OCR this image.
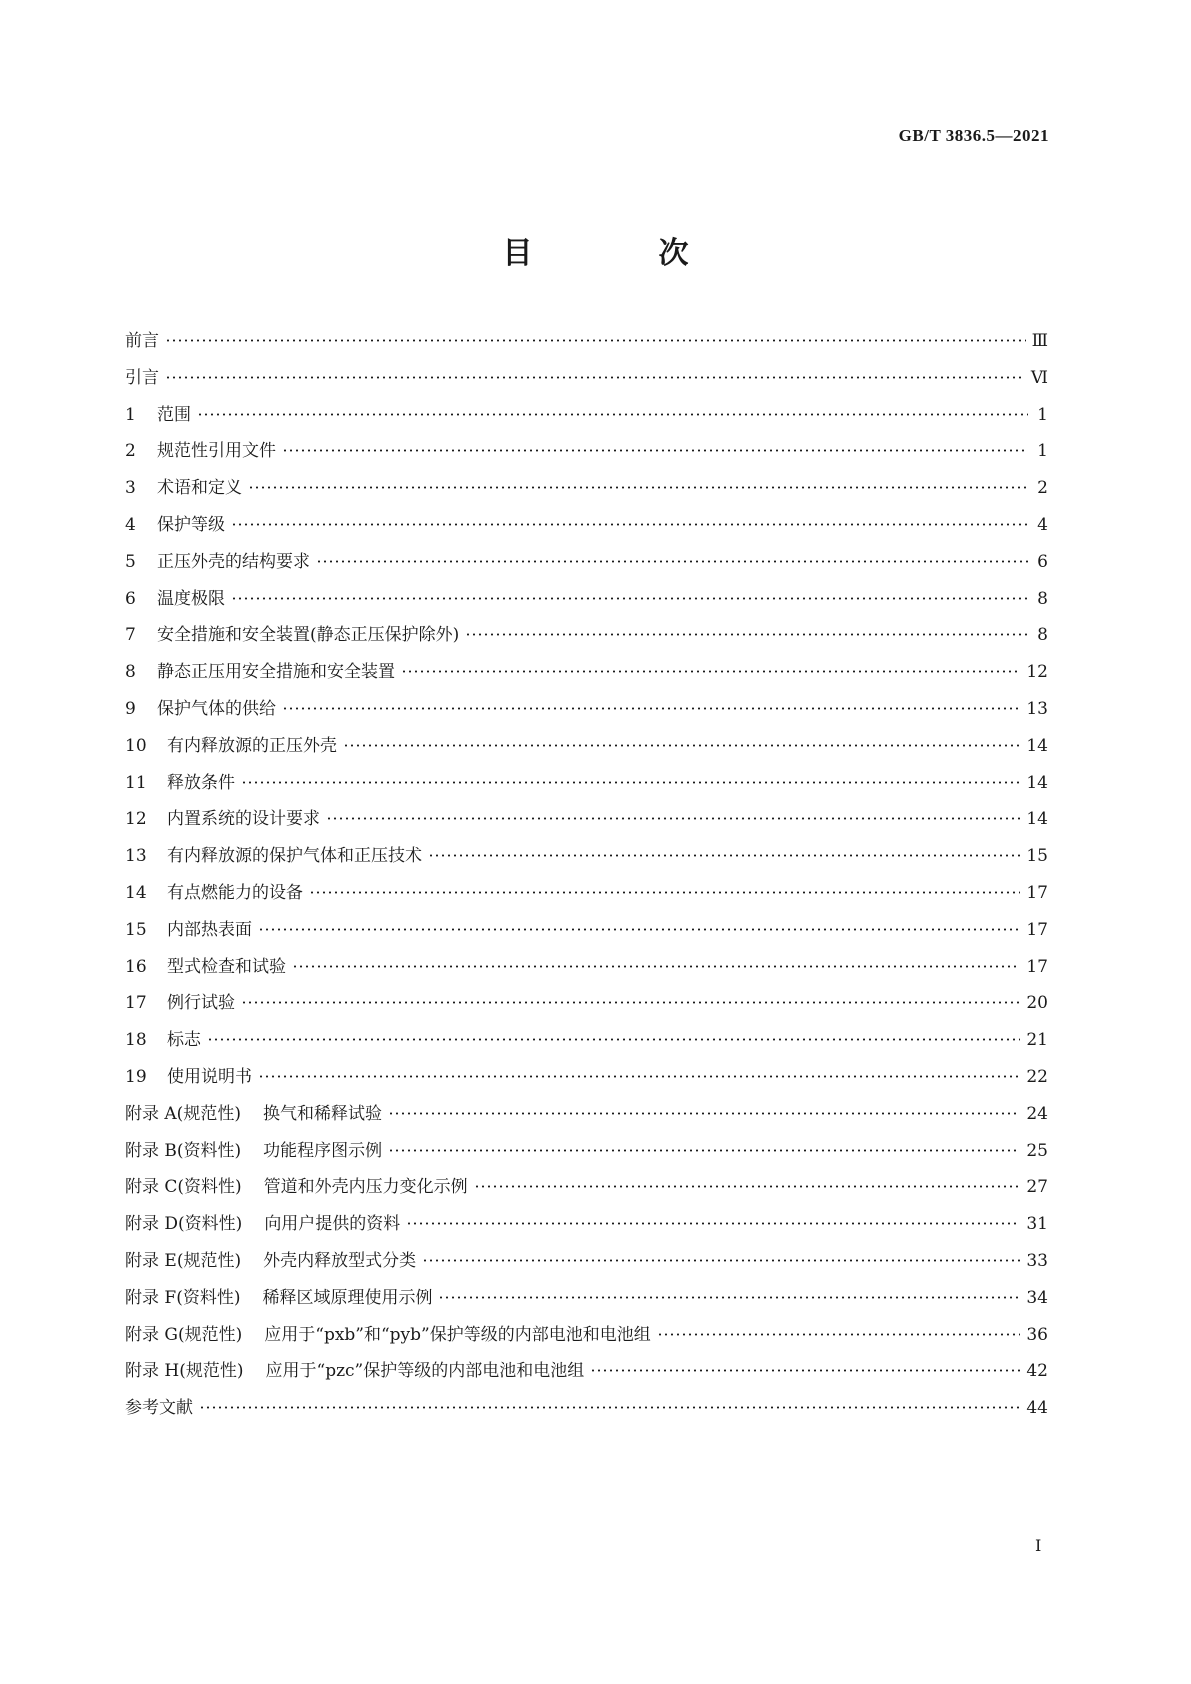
GB/T 3836.5—2021
目　次
前言	Ⅲ
引言	Ⅵ
1 范围	1
2 规范性引用文件	1
3 术语和定义	2
4 保护等级	4
5 正压外壳的结构要求	6
6 温度极限	8
7 安全措施和安全装置(静态正压保护除外)	8
8 静态正压用安全措施和安全装置	12
9 保护气体的供给	13
10 有内释放源的正压外壳	14
11 释放条件	14
12 内置系统的设计要求	14
13 有内释放源的保护气体和正压技术	15
14 有点燃能力的设备	17
15 内部热表面	17
16 型式检查和试验	17
17 例行试验	20
18 标志	21
19 使用说明书	22
附录 A(规范性) 换气和稀释试验	24
附录 B(资料性) 功能程序图示例	25
附录 C(资料性) 管道和外壳内压力变化示例	27
附录 D(资料性) 向用户提供的资料	31
附录 E(规范性) 外壳内释放型式分类	33
附录 F(资料性) 稀释区域原理使用示例	34
附录 G(规范性) 应用于“pxb”和“pyb”保护等级的内部电池和电池组	36
附录 H(规范性) 应用于“pzc”保护等级的内部电池和电池组	42
参考文献	44
I
